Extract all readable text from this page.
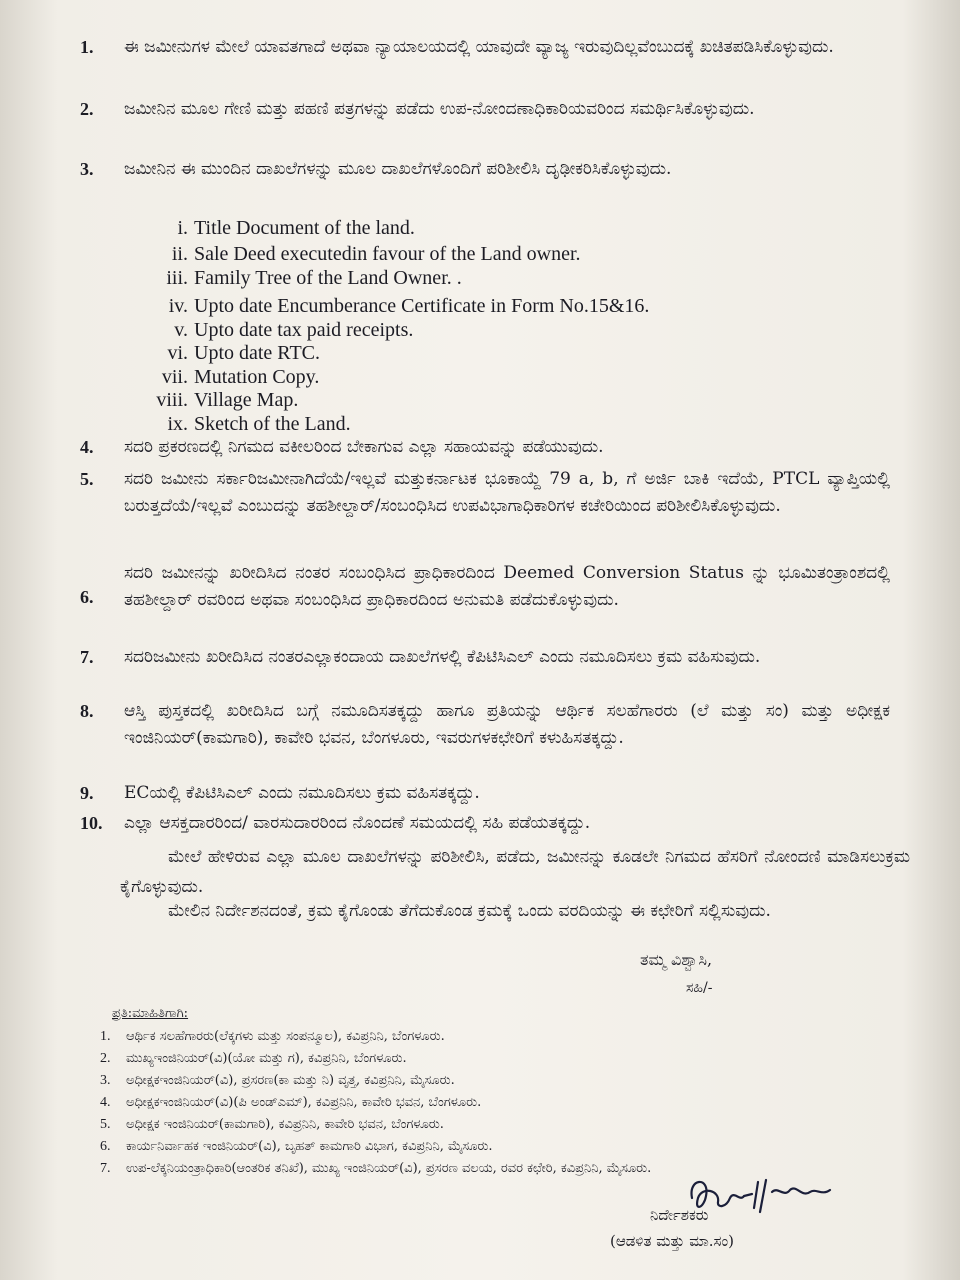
1.	ಈ ಜಮೀನುಗಳ ಮೇಲೆ ಯಾವತಗಾದೆ ಅಥವಾ ನ್ಯಾಯಾಲಯದಲ್ಲಿ ಯಾವುದೇ ವ್ಯಾಜ್ಯ ಇರುವುದಿಲ್ಲವೆಂಬುದಕ್ಕೆ ಖಚಿತಪಡಿಸಿಕೊಳ್ಳುವುದು.
2.	ಜಮೀನಿನ ಮೂಲ ಗೇಣಿ ಮತ್ತು ಪಹಣಿ ಪತ್ರಗಳನ್ನು ಪಡೆದು ಉಪ-ನೋಂದಣಾಧಿಕಾರಿಯವರಿಂದ ಸಮರ್ಥಿಸಿಕೊಳ್ಳುವುದು.
3.	ಜಮೀನಿನ ಈ ಮುಂದಿನ ದಾಖಲೆಗಳನ್ನು ಮೂಲ ದಾಖಲೆಗಳೊಂದಿಗೆ ಪರಿಶೀಲಿಸಿ ದೃಢೀಕರಿಸಿಕೊಳ್ಳುವುದು.
i. Title Document of the land.
ii. Sale Deed executedin favour of the Land owner.
iii. Family Tree of the Land Owner. .
iv. Upto date Encumberance Certificate in Form No.15&16.
v. Upto date tax paid receipts.
vi. Upto date RTC.
vii. Mutation Copy.
viii. Village Map.
ix. Sketch of the Land.
4.	ಸದರಿ ಪ್ರಕರಣದಲ್ಲಿ ನಿಗಮದ ವಕೀಲರಿಂದ ಬೇಕಾಗುವ ಎಲ್ಲಾ ಸಹಾಯವನ್ನು ಪಡೆಯುವುದು.
5.	ಸದರಿ ಜಮೀನು ಸರ್ಕಾರಿಜಮೀನಾಗಿದೆಯೆ/ಇಲ್ಲವೆ ಮತ್ತುಕರ್ನಾಟಕ ಭೂಕಾಯ್ದೆ 79 a, b, ಗೆ ಅರ್ಜಿ ಬಾಕಿ ಇದೆಯೆ, PTCL ವ್ಯಾಪ್ತಿಯಲ್ಲಿ ಬರುತ್ತದೆಯೆ/ಇಲ್ಲವೆ ಎಂಬುದನ್ನು ತಹಶೀಲ್ದಾರ್/ಸಂಬಂಧಿಸಿದ ಉಪವಿಭಾಗಾಧಿಕಾರಿಗಳ ಕಚೇರಿಯಿಂದ ಪರಿಶೀಲಿಸಿಕೊಳ್ಳುವುದು.
6.
ಸದರಿ ಜಮೀನನ್ನು ಖರೀದಿಸಿದ ನಂತರ ಸಂಬಂಧಿಸಿದ ಪ್ರಾಧಿಕಾರದಿಂದ Deemed Conversion Status ನ್ನು ಭೂಮಿತಂತ್ರಾಂಶದಲ್ಲಿ ತಹಶೀಲ್ದಾರ್ ರವರಿಂದ ಅಥವಾ ಸಂಬಂಧಿಸಿದ ಪ್ರಾಧಿಕಾರದಿಂದ ಅನುಮತಿ ಪಡೆದುಕೊಳ್ಳುವುದು.
7.	ಸದರಿಜಮೀನು ಖರೀದಿಸಿದ ನಂತರಎಲ್ಲಾಕಂದಾಯ ದಾಖಲೆಗಳಲ್ಲಿ ಕೆಪಿಟಿಸಿಎಲ್ ಎಂದು ನಮೂದಿಸಲು ಕ್ರಮ ವಹಿಸುವುದು.
8.	ಆಸ್ತಿ ಪುಸ್ತಕದಲ್ಲಿ ಖರೀದಿಸಿದ ಬಗ್ಗೆ ನಮೂದಿಸತಕ್ಕದ್ದು ಹಾಗೂ ಪ್ರತಿಯನ್ನು ಆರ್ಥಿಕ ಸಲಹೆಗಾರರು (ಲೆ ಮತ್ತು ಸಂ) ಮತ್ತು ಅಧೀಕ್ಷಕ ಇಂಜಿನಿಯರ್(ಕಾಮಗಾರಿ), ಕಾವೇರಿ ಭವನ, ಬೆಂಗಳೂರು, ಇವರುಗಳಕಛೇರಿಗೆ ಕಳುಹಿಸತಕ್ಕದ್ದು.
9.	ECಯಲ್ಲಿ ಕೆಪಿಟಿಸಿಎಲ್ ಎಂದು ನಮೂದಿಸಲು ಕ್ರಮ ವಹಿಸತಕ್ಕದ್ದು.
10.	ಎಲ್ಲಾ ಆಸಕ್ತದಾರರಿಂದ/ ವಾರಸುದಾರರಿಂದ ನೊಂದಣೆ ಸಮಯದಲ್ಲಿ ಸಹಿ ಪಡೆಯತಕ್ಕದ್ದು.
ಮೇಲೆ ಹೇಳಿರುವ ಎಲ್ಲಾ ಮೂಲ ದಾಖಲೆಗಳನ್ನು ಪರಿಶೀಲಿಸಿ, ಪಡೆದು, ಜಮೀನನ್ನು ಕೂಡಲೇ ನಿಗಮದ ಹೆಸರಿಗೆ ನೋಂದಣಿ ಮಾಡಿಸಲುಕ್ರಮ ಕೈಗೊಳ್ಳುವುದು.
ಮೇಲಿನ ನಿರ್ದೇಶನದಂತೆ, ಕ್ರಮ ಕೈಗೊಂಡು ತೆಗೆದುಕೊಂಡ ಕ್ರಮಕ್ಕೆ ಒಂದು ವರದಿಯನ್ನು ಈ ಕಛೇರಿಗೆ ಸಲ್ಲಿಸುವುದು.
ತಮ್ಮ ವಿಶ್ವಾಸಿ,
ಸಹಿ/-
ಪ್ರತಿ:ಮಾಹಿತಿಗಾಗಿ:
1.	ಆರ್ಥಿಕ ಸಲಹೆಗಾರರು(ಲೆಕ್ಕಗಳು ಮತ್ತು ಸಂಪನ್ಮೂಲ), ಕವಿಪ್ರನಿನಿ, ಬೆಂಗಳೂರು.
2.	ಮುಖ್ಯಇಂಜಿನಿಯರ್(ವಿ)(ಯೋ ಮತ್ತು ಗ), ಕವಿಪ್ರನಿನಿ, ಬೆಂಗಳೂರು.
3.	ಅಧೀಕ್ಷಕಇಂಜಿನಿಯರ್(ವಿ), ಪ್ರಸರಣ(ಕಾ ಮತ್ತು ನಿ) ವೃತ್ತ, ಕವಿಪ್ರನಿನಿ, ಮೈಸೂರು.
4.	ಅಧೀಕ್ಷಕಇಂಜಿನಿಯರ್(ವಿ)(ಪಿ ಅಂಡ್ಎಮ್), ಕವಿಪ್ರನಿನಿ, ಕಾವೇರಿ ಭವನ, ಬೆಂಗಳೂರು.
5.	ಅಧೀಕ್ಷಕ ಇಂಜಿನಿಯರ್(ಕಾಮಗಾರಿ), ಕವಿಪ್ರನಿನಿ, ಕಾವೇರಿ ಭವನ, ಬೆಂಗಳೂರು.
6.	ಕಾರ್ಯನಿರ್ವಾಹಕ ಇಂಜಿನಿಯರ್(ವಿ), ಬೃಹತ್ ಕಾಮಗಾರಿ ವಿಭಾಗ, ಕವಿಪ್ರನಿನಿ, ಮೈಸೂರು.
7.	ಉಪ-ಲೆಕ್ಕನಿಯಂತ್ರಾಧಿಕಾರಿ(ಆಂತರಿಕ ತನಿಖೆ), ಮುಖ್ಯ ಇಂಜಿನಿಯರ್(ವಿ), ಪ್ರಸರಣ ವಲಯ, ರವರ ಕಛೇರಿ, ಕವಿಪ್ರನಿನಿ, ಮೈಸೂರು.
ನಿರ್ದೇಶಕರು
(ಆಡಳಿತ ಮತ್ತು ಮಾ.ಸಂ)
